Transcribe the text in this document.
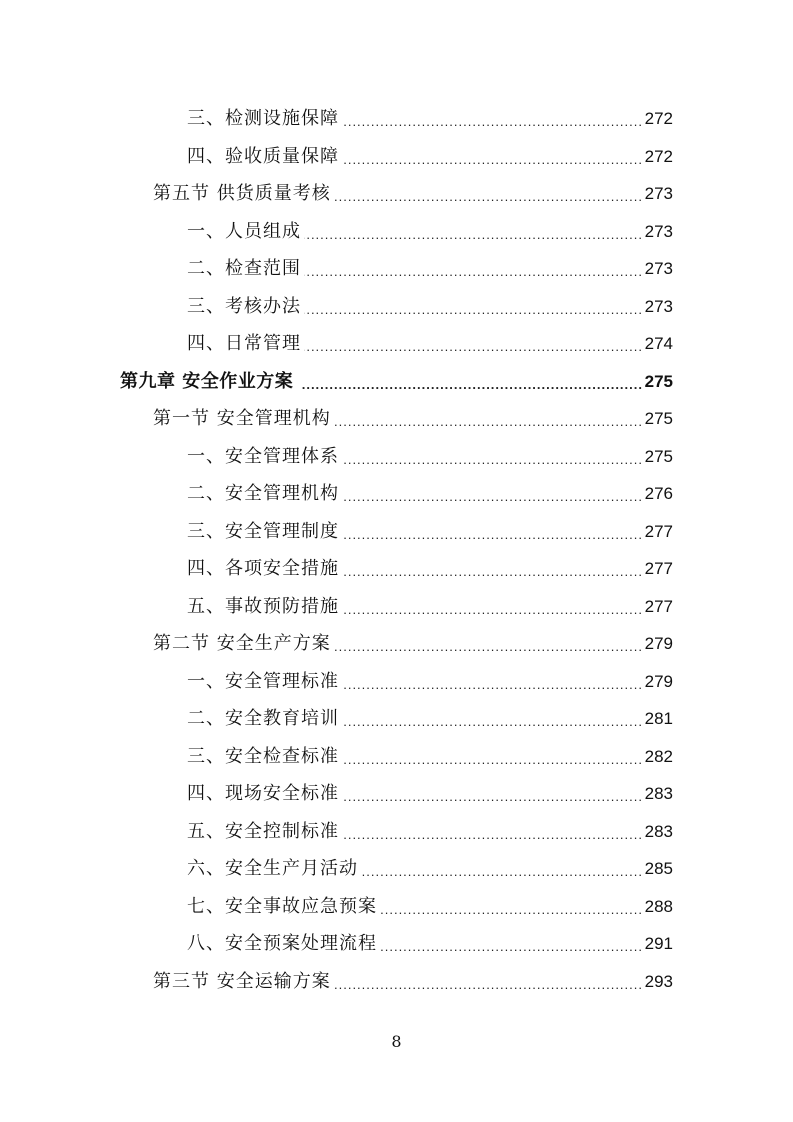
三、检测设施保障 .....	272
四、验收质量保障 .....	272
第五节 供货质量考核 .....	273
一、人员组成 .....	273
二、检查范围 .....	273
三、考核办法 .....	273
四、日常管理 .....	274
第九章 安全作业方案 .....	275
第一节 安全管理机构 .....	275
一、安全管理体系 .....	275
二、安全管理机构 .....	276
三、安全管理制度 .....	277
四、各项安全措施 .....	277
五、事故预防措施 .....	277
第二节 安全生产方案 .....	279
一、安全管理标准 .....	279
二、安全教育培训 .....	281
三、安全检查标准 .....	282
四、现场安全标准 .....	283
五、安全控制标准 .....	283
六、安全生产月活动 .....	285
七、安全事故应急预案 .....	288
八、安全预案处理流程 .....	291
第三节 安全运输方案 .....	293
8
